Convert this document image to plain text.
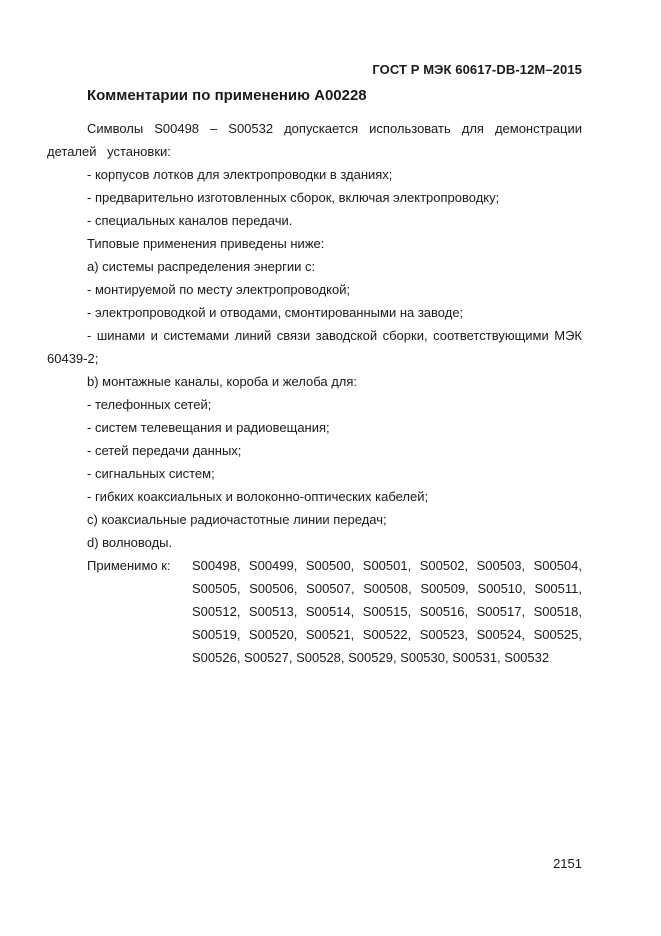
ГОСТ Р МЭК 60617-DB-12M–2015
Комментарии по применению A00228

Символы S00498 – S00532 допускается использовать для демонстрации деталей установки:

- корпусов лотков для электропроводки в зданиях;

- предварительно изготовленных сборок, включая электропроводку;

- специальных каналов передачи.

Типовые применения приведены ниже:

a) системы распределения энергии с:

- монтируемой по месту электропроводкой;

- электропроводкой и отводами, смонтированными на заводе;

- шинами и системами линий связи заводской сборки, соответствующими МЭК 60439-2;

b) монтажные каналы, короба и желоба для:

- телефонных сетей;

- систем телевещания и радиовещания;

- сетей передачи данных;

- сигнальных систем;

- гибких коаксиальных и волоконно-оптических кабелей;

c) коаксиальные радиочастотные линии передач;

d) волноводы.

Применимо к:	S00498, S00499, S00500, S00501, S00502, S00503, S00504,
S00505, S00506, S00507, S00508, S00509, S00510, S00511,
S00512, S00513, S00514, S00515, S00516, S00517, S00518,
S00519, S00520, S00521, S00522, S00523, S00524, S00525,
S00526, S00527, S00528, S00529, S00530, S00531, S00532
2151
